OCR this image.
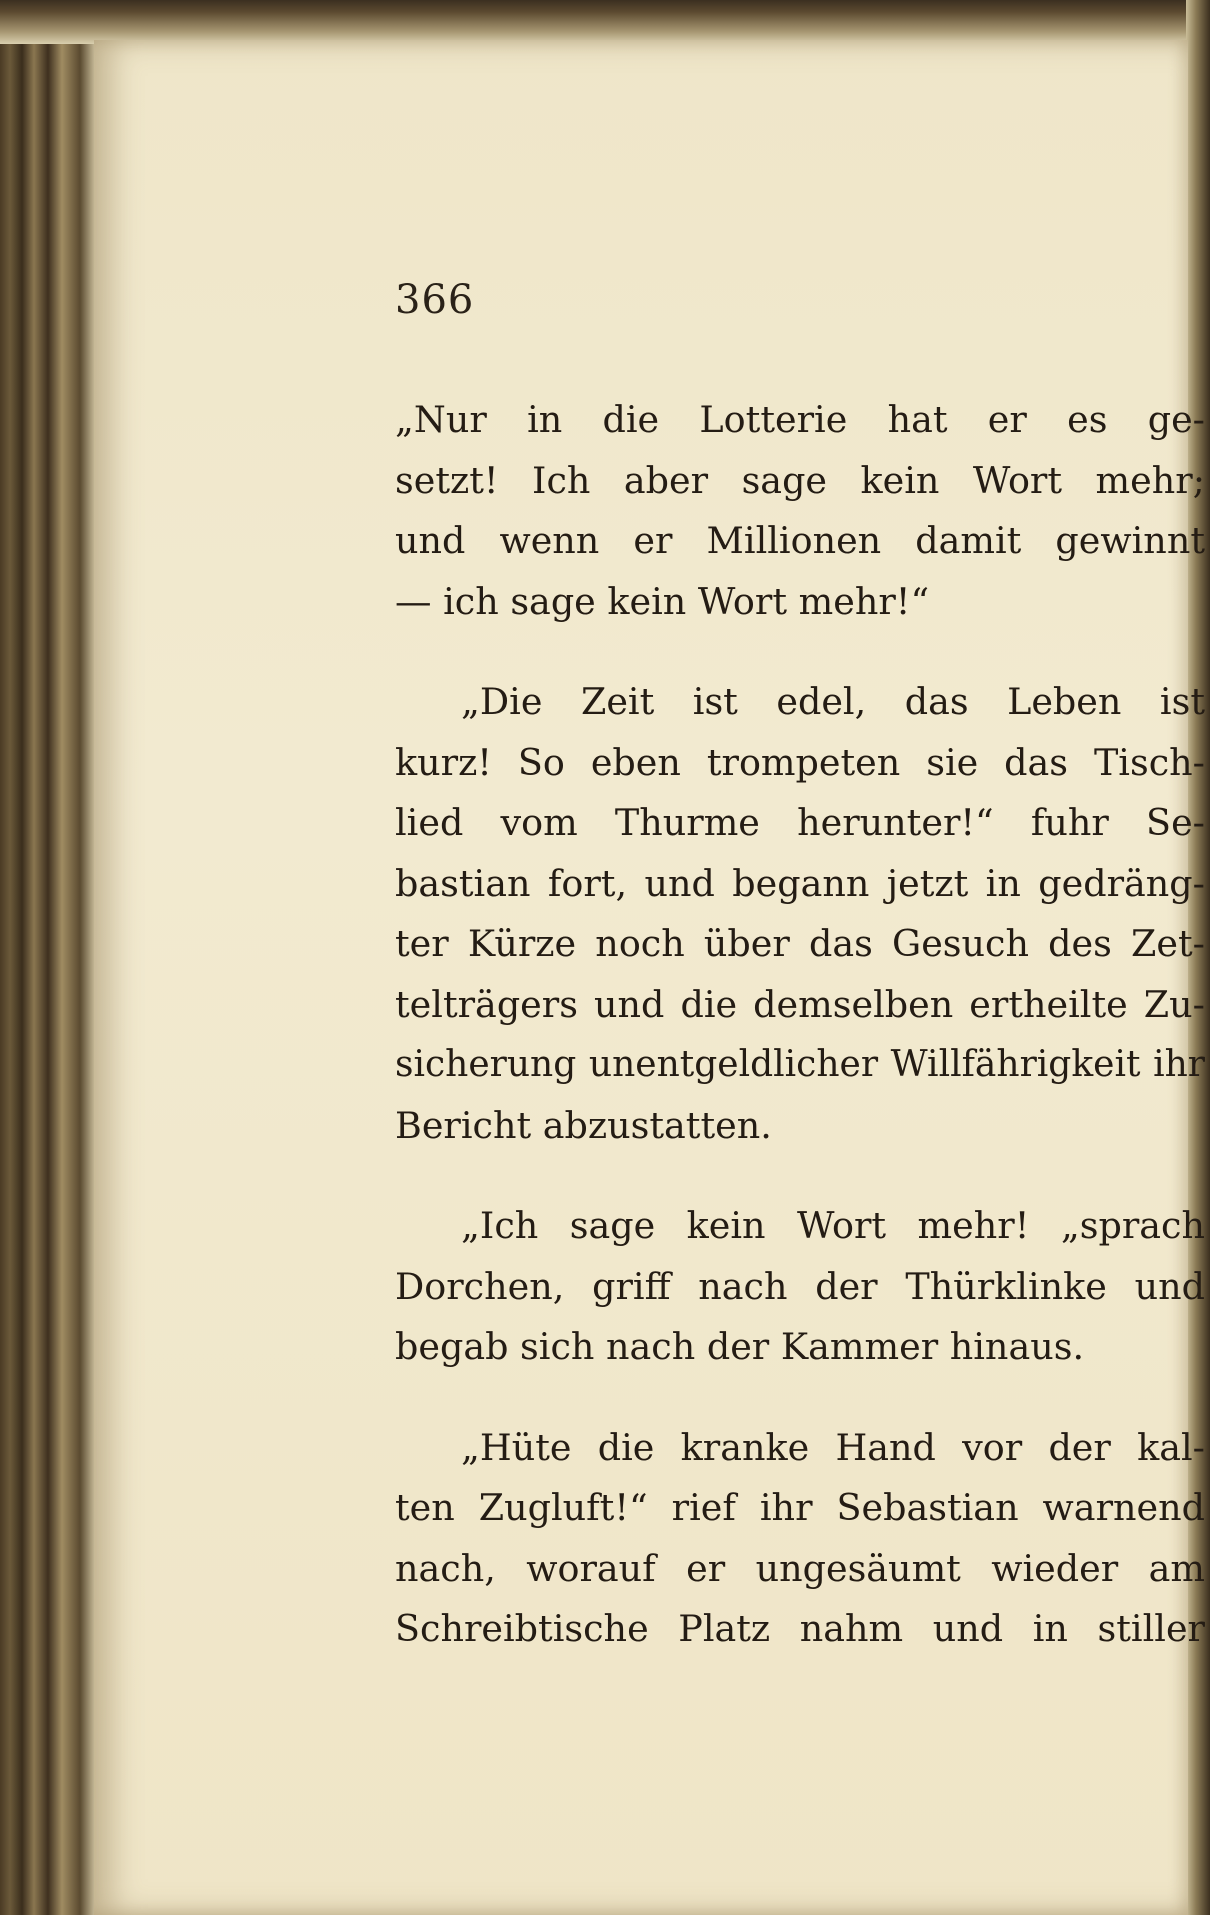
366
„Nur in die Lotterie hat er es ge-
setzt! Ich aber sage kein Wort mehr;
und wenn er Millionen damit gewinnt
— ich sage kein Wort mehr!“
„Die Zeit ist edel, das Leben ist
kurz! So eben trompeten sie das Tisch-
lied vom Thurme herunter!“ fuhr Se-
bastian fort, und begann jetzt in gedräng-
ter Kürze noch über das Gesuch des Zet-
telträgers und die demselben ertheilte Zu-
sicherung unentgeldlicher Willfährigkeit ihr
Bericht abzustatten.
„Ich sage kein Wort mehr! „sprach
Dorchen, griff nach der Thürklinke und
begab sich nach der Kammer hinaus.
„Hüte die kranke Hand vor der kal-
ten Zugluft!“ rief ihr Sebastian warnend
nach, worauf er ungesäumt wieder am
Schreibtische Platz nahm und in stiller
